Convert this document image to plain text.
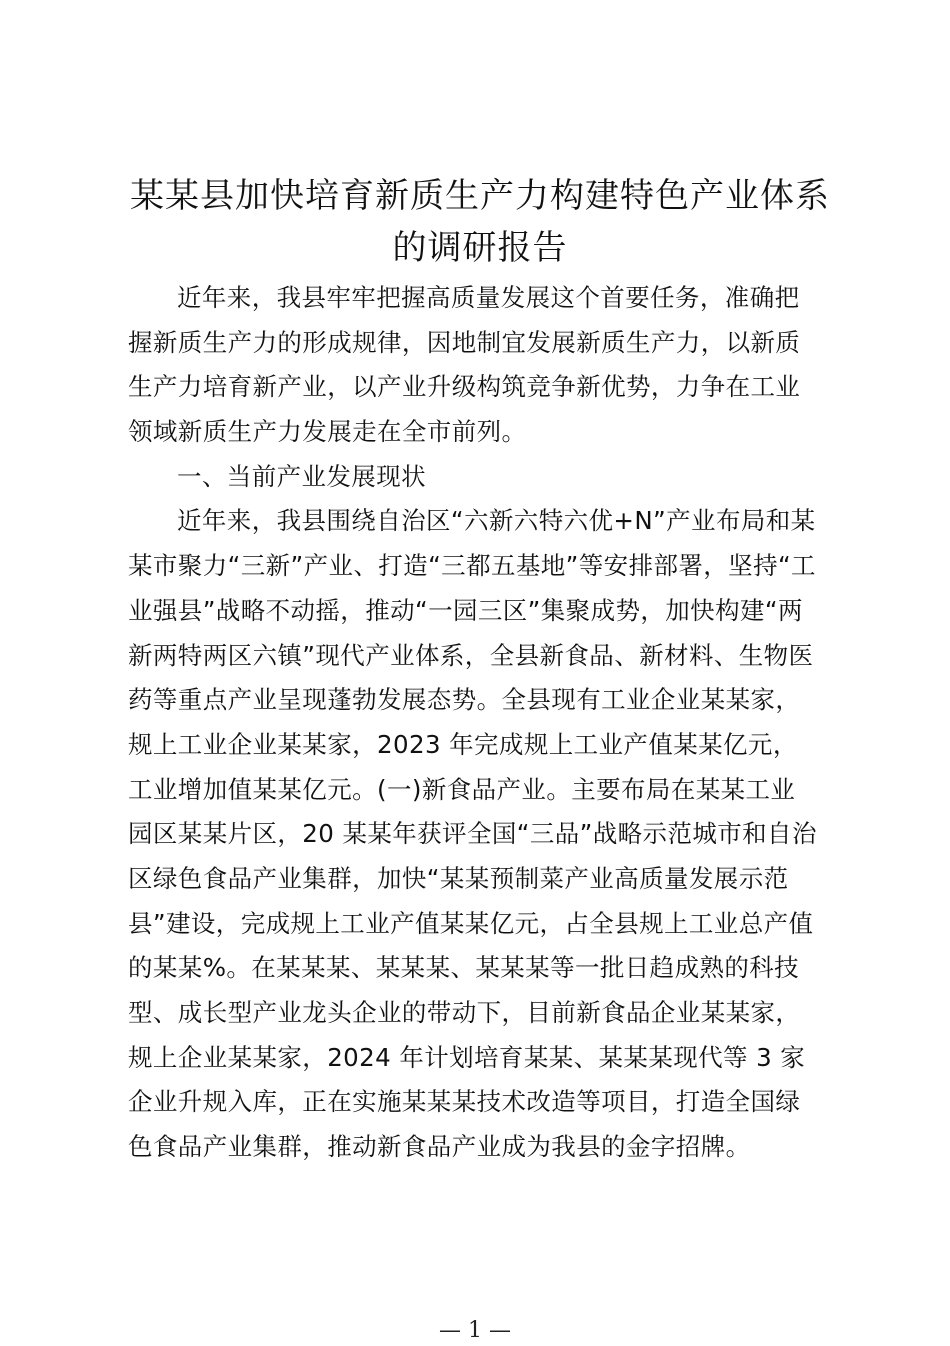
某某县加快培育新质生产力构建特色产业体系
的调研报告
近年来，我县牢牢把握高质量发展这个首要任务，准确把
握新质生产力的形成规律，因地制宜发展新质生产力，以新质
生产力培育新产业，以产业升级构筑竞争新优势，力争在工业
领域新质生产力发展走在全市前列。
一、当前产业发展现状
近年来，我县围绕自治区“六新六特六优+N”产业布局和某
某市聚力“三新”产业、打造“三都五基地”等安排部署，坚持“工
业强县”战略不动摇，推动“一园三区”集聚成势，加快构建“两
新两特两区六镇”现代产业体系，全县新食品、新材料、生物医
药等重点产业呈现蓬勃发展态势。全县现有工业企业某某家，
规上工业企业某某家，2023 年完成规上工业产值某某亿元，
工业增加值某某亿元。(一)新食品产业。主要布局在某某工业
园区某某片区，20 某某年获评全国“三品”战略示范城市和自治
区绿色食品产业集群，加快“某某预制菜产业高质量发展示范
县”建设，完成规上工业产值某某亿元，占全县规上工业总产值
的某某%。在某某某、某某某、某某某等一批日趋成熟的科技
型、成长型产业龙头企业的带动下，目前新食品企业某某家，
规上企业某某家，2024 年计划培育某某、某某某现代等 3 家
企业升规入库，正在实施某某某技术改造等项目，打造全国绿
色食品产业集群，推动新食品产业成为我县的金字招牌。
— 1 —
